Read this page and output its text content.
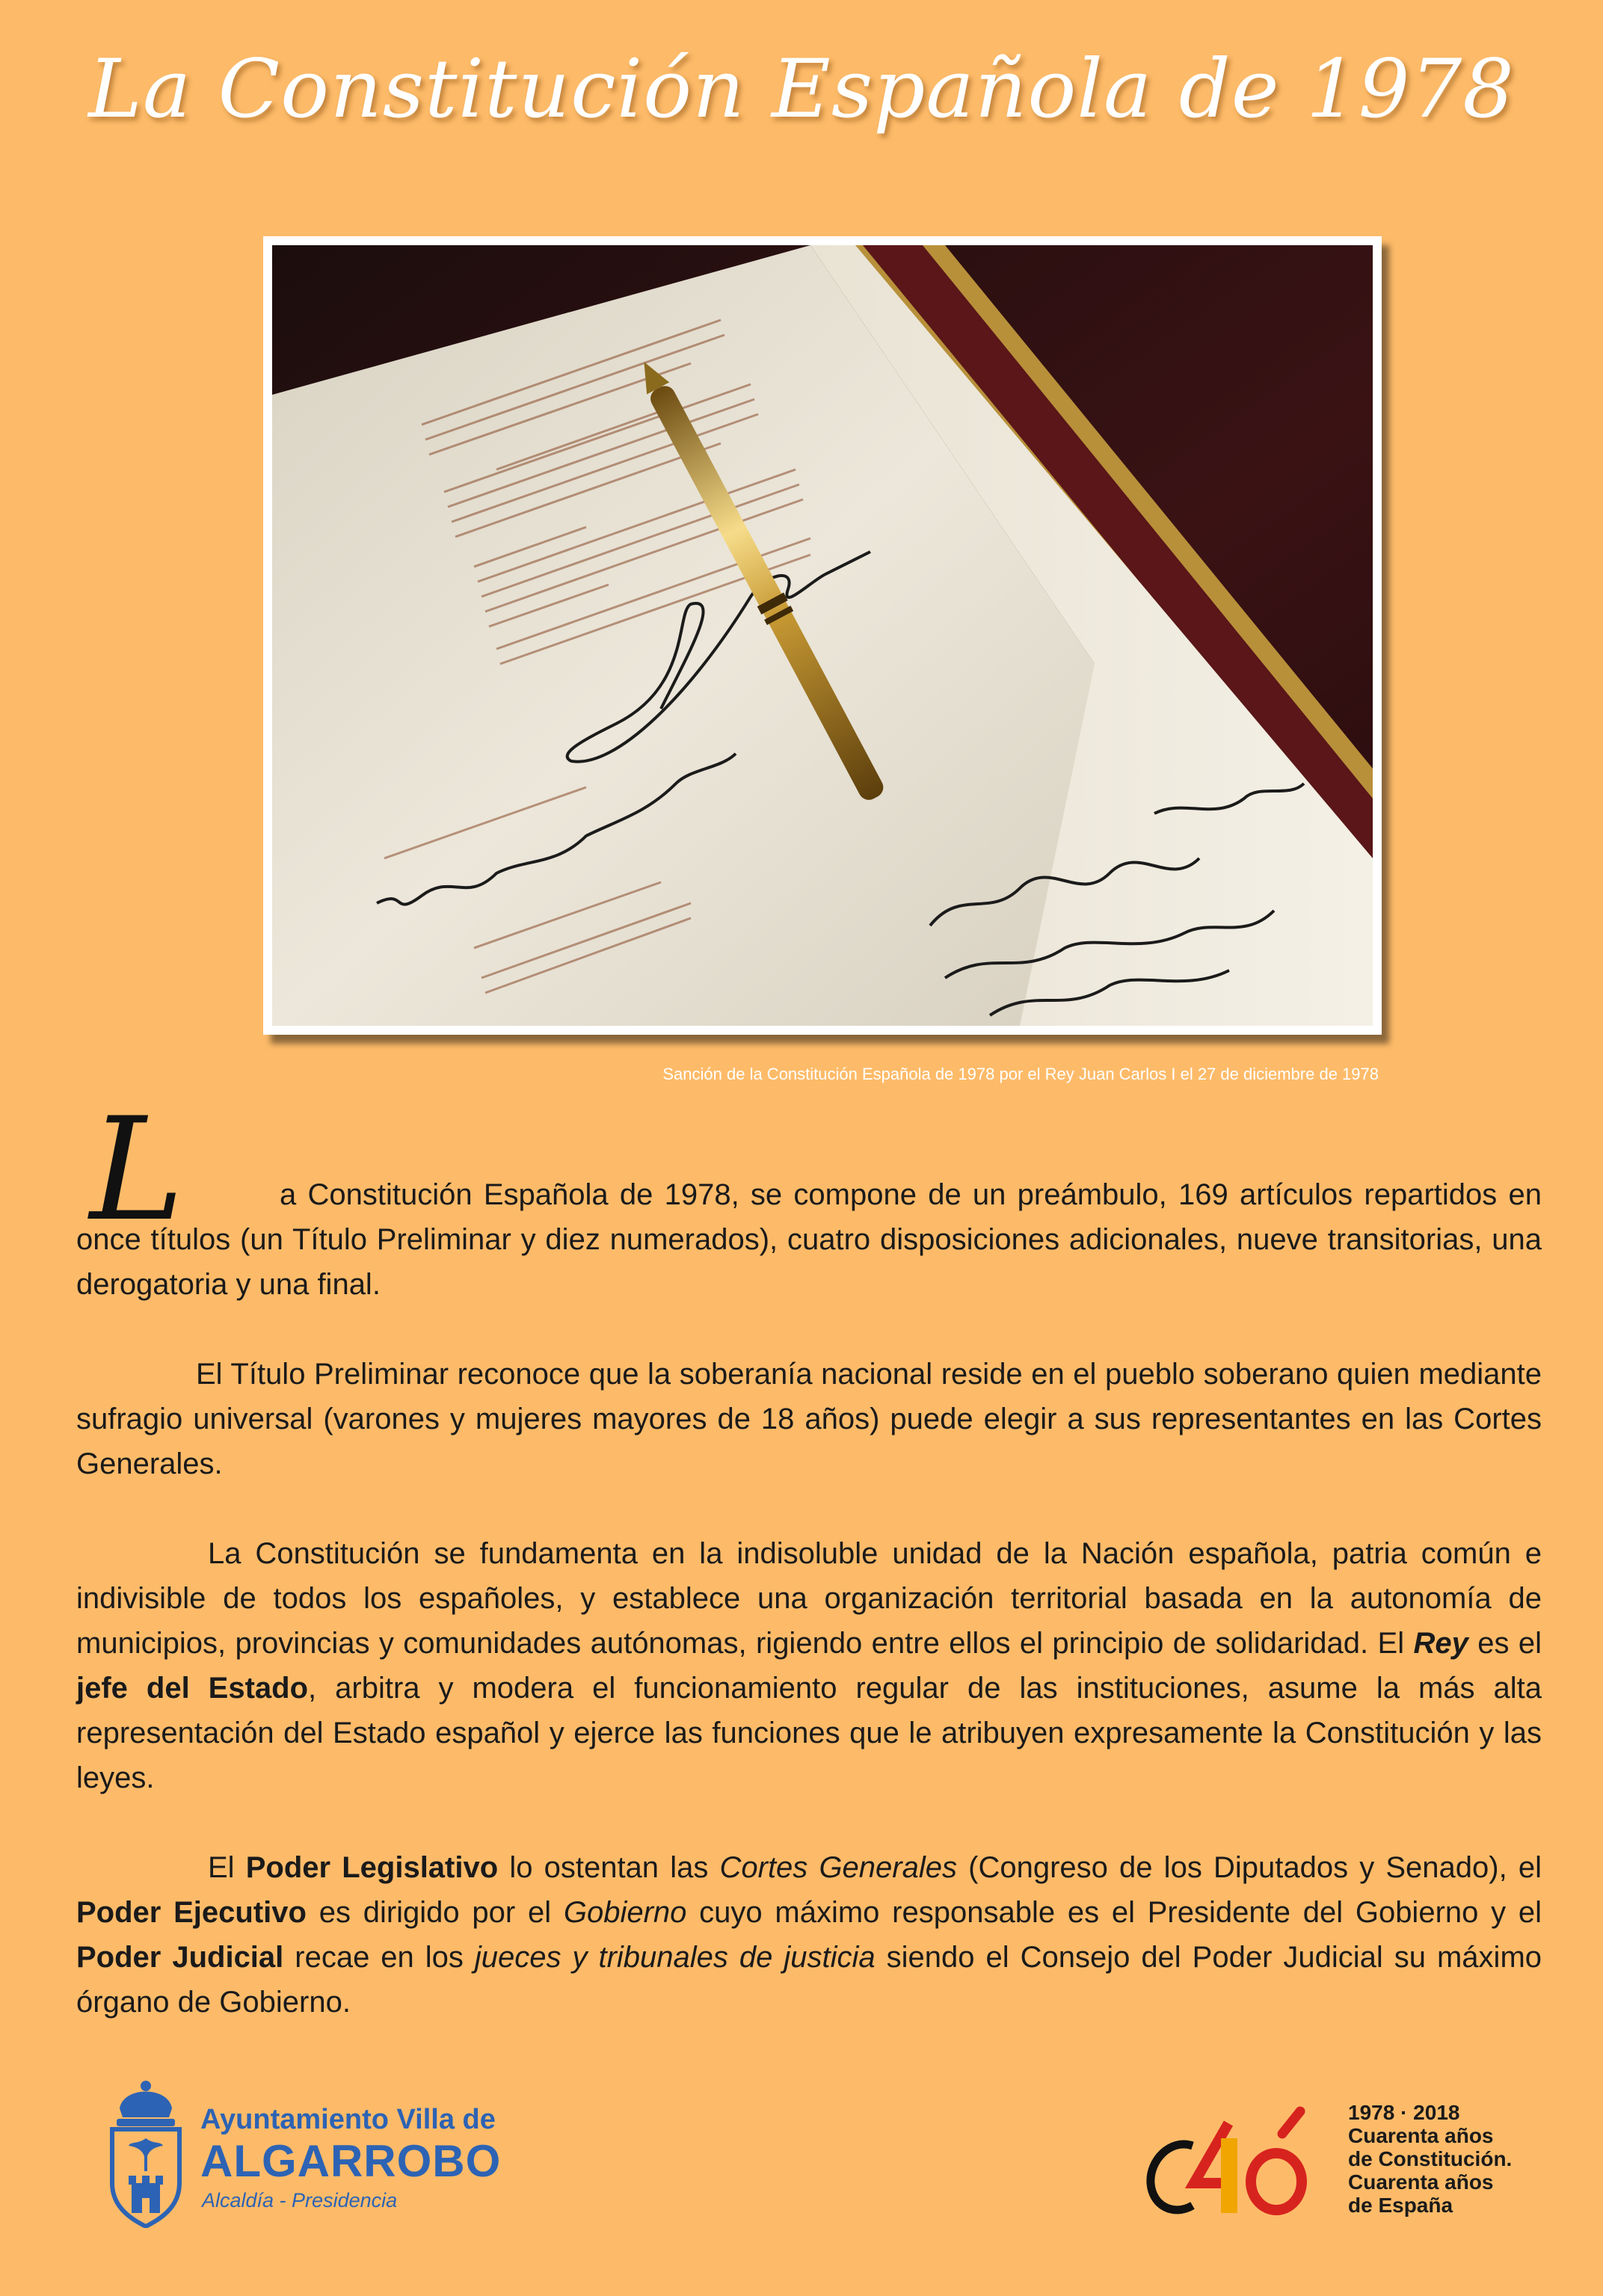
La Constitución Española de 1978
Sanción de la Constitución Española de 1978 por el Rey Juan Carlos I el 27 de diciembre de 1978
L	a Constitución Española de 1978, se compone de un preámbulo, 169 artículos repartidos en once títulos (un Título Preliminar y diez numerados), cuatro disposiciones adicionales, nueve transitorias, una derogatoria y una final.

El Título Preliminar reconoce que la soberanía nacional reside en el pueblo soberano quien mediante sufragio universal (varones y mujeres mayores de 18 años) puede elegir a sus representantes en las Cortes Generales.

La Constitución se fundamenta en la indisoluble unidad de la Nación española, patria común e indivisible de todos los españoles, y establece una organización territorial basada en la autonomía de municipios, provincias y comunidades autónomas, rigiendo entre ellos el principio de solidaridad. El Rey es el jefe del Estado, arbitra y modera el funcionamiento regular de las instituciones, asume la más alta representación del Estado español y ejerce las funciones que le atribuyen expresamente la Constitución y las leyes.

El Poder Legislativo lo ostentan las Cortes Generales (Congreso de los Diputados y Senado), el Poder Ejecutivo es dirigido por el Gobierno cuyo máximo responsable es el Presidente del Gobierno y el Poder Judicial recae en los jueces y tribunales de justicia siendo el Consejo del Poder Judicial su máximo órgano de Gobierno.

Ayuntamiento Villa de
ALGARROBO
Alcaldía - Presidencia
1978 · 2018
Cuarenta años
de Constitución.
Cuarenta años
de España
